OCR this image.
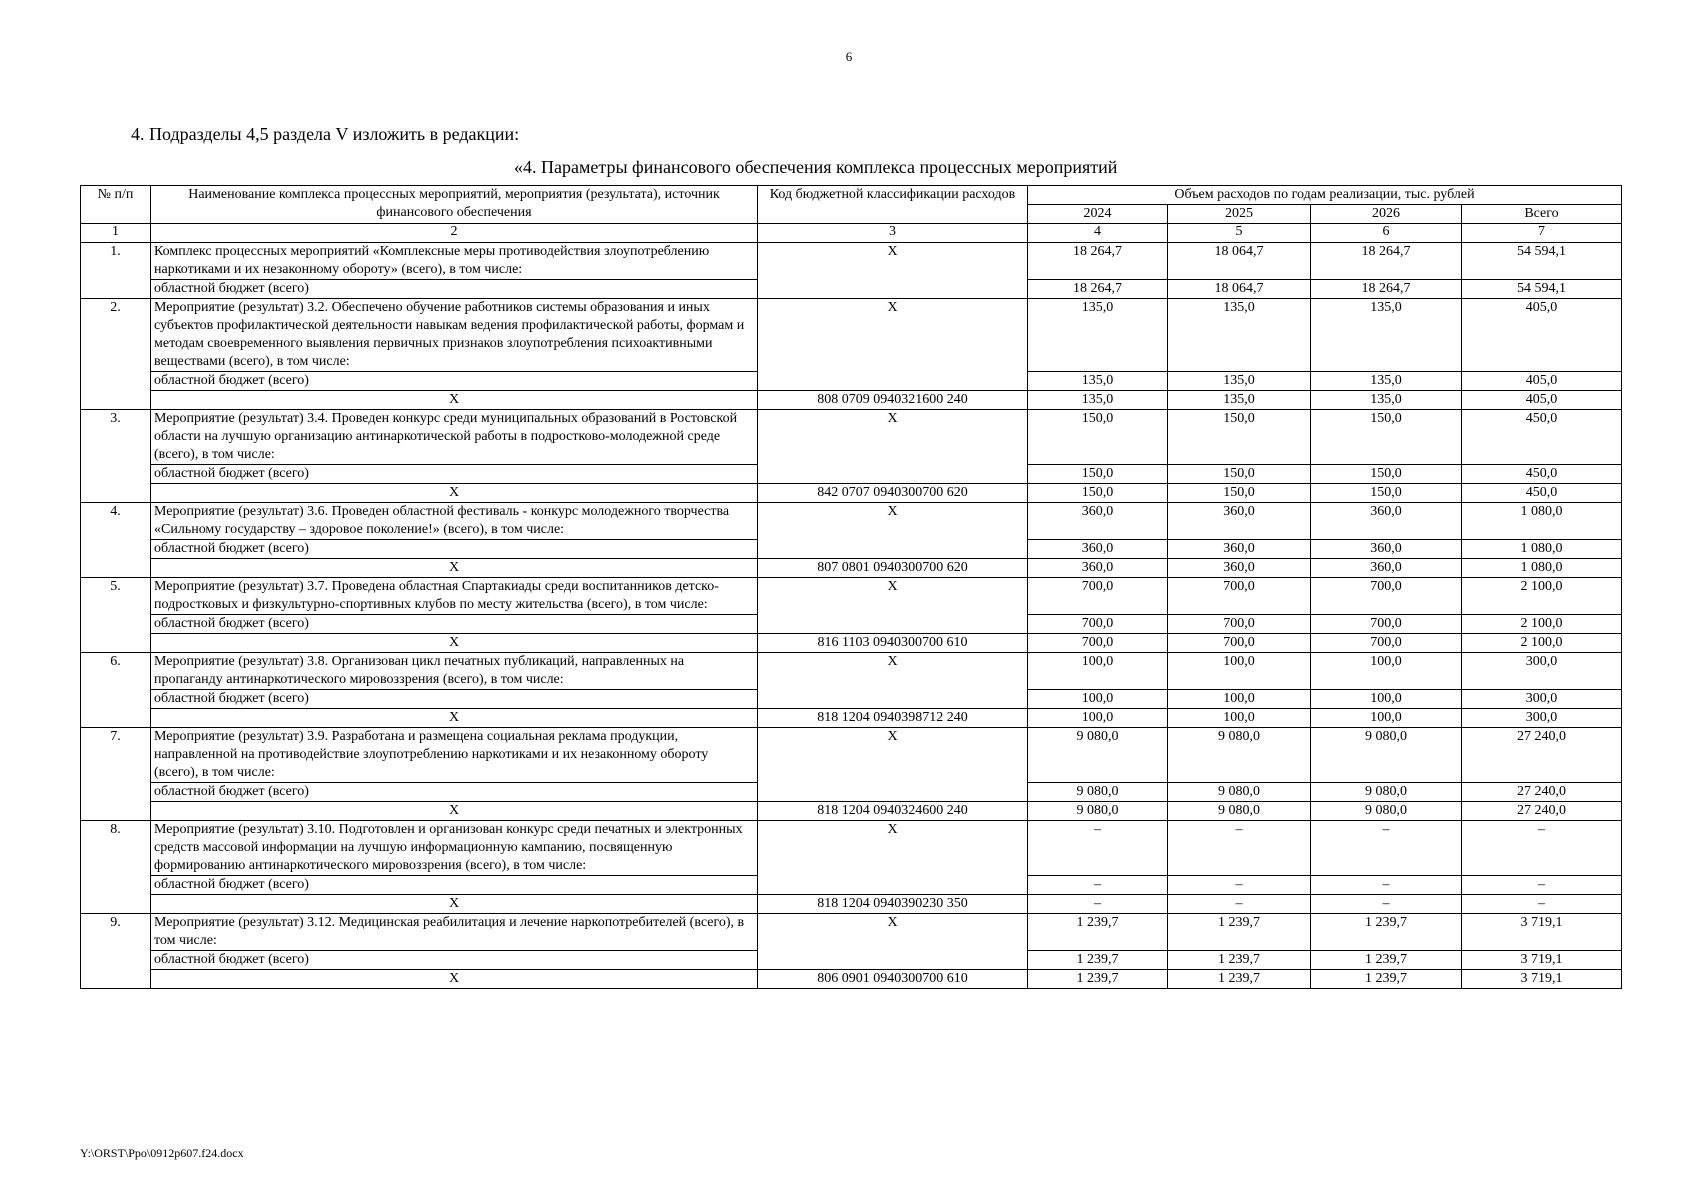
6
4. Подразделы 4,5 раздела V изложить в редакции:
«4. Параметры финансового обеспечения комплекса процессных мероприятий
№ п/п	Наименование комплекса процессных мероприятий, мероприятия (результата), источник финансового обеспечения	Код бюджетной классификации расходов	Объем расходов по годам реализации, тыс. рублей			
			2024	2025	2026	Всего
1	2	3	4	5	6	7
1.	Комплекс процессных мероприятий «Комплексные меры противодействия злоупотреблению наркотиками и их незаконному обороту» (всего), в том числе:	X	18 264,7	18 064,7	18 264,7	54 594,1
	областной бюджет (всего)		18 264,7	18 064,7	18 264,7	54 594,1
2.	Мероприятие (результат) 3.2. Обеспечено обучение работников системы образования и иных субъектов профилактической деятельности навыкам ведения профилактической работы, формам и методам своевременного выявления первичных признаков злоупотребления психоактивными веществами (всего), в том числе:	X	135,0	135,0	135,0	405,0
	областной бюджет (всего)		135,0	135,0	135,0	405,0
	X	808 0709 0940321600 240	135,0	135,0	135,0	405,0
3.	Мероприятие (результат) 3.4. Проведен конкурс среди муниципальных образований в Ростовской области на лучшую организацию антинаркотической работы в подростково-молодежной среде (всего), в том числе:	X	150,0	150,0	150,0	450,0
	областной бюджет (всего)		150,0	150,0	150,0	450,0
	X	842 0707 0940300700 620	150,0	150,0	150,0	450,0
4.	Мероприятие (результат) 3.6. Проведен областной фестиваль - конкурс молодежного творчества «Сильному государству – здоровое поколение!» (всего), в том числе:	X	360,0	360,0	360,0	1 080,0
	областной бюджет (всего)		360,0	360,0	360,0	1 080,0
	X	807 0801 0940300700 620	360,0	360,0	360,0	1 080,0
5.	Мероприятие (результат) 3.7. Проведена областная Спартакиады среди воспитанников детско-подростковых и физкультурно-спортивных клубов по месту жительства (всего), в том числе:	X	700,0	700,0	700,0	2 100,0
	областной бюджет (всего)		700,0	700,0	700,0	2 100,0
	X	816 1103 0940300700 610	700,0	700,0	700,0	2 100,0
6.	Мероприятие (результат) 3.8. Организован цикл печатных публикаций, направленных на пропаганду антинаркотического мировоззрения (всего), в том числе:	X	100,0	100,0	100,0	300,0
	областной бюджет (всего)		100,0	100,0	100,0	300,0
	X	818 1204 0940398712 240	100,0	100,0	100,0	300,0
7.	Мероприятие (результат) 3.9. Разработана и размещена социальная реклама продукции, направленной на противодействие злоупотреблению наркотиками и их незаконному обороту (всего), в том числе:	X	9 080,0	9 080,0	9 080,0	27 240,0
	областной бюджет (всего)		9 080,0	9 080,0	9 080,0	27 240,0
	X	818 1204 0940324600 240	9 080,0	9 080,0	9 080,0	27 240,0
8.	Мероприятие (результат) 3.10. Подготовлен и организован конкурс среди печатных и электронных средств массовой информации на лучшую информационную кампанию, посвященную формированию антинаркотического мировоззрения (всего), в том числе:	X	–	–	–	–
	областной бюджет (всего)		–	–	–	–
	X	818 1204 0940390230 350	–	–	–	–
9.	Мероприятие (результат) 3.12. Медицинская реабилитация и лечение наркопотребителей (всего), в том числе:	X	1 239,7	1 239,7	1 239,7	3 719,1
	областной бюджет (всего)		1 239,7	1 239,7	1 239,7	3 719,1
	X	806 0901 0940300700 610	1 239,7	1 239,7	1 239,7	3 719,1
Y:\ORST\Ppo\0912p607.f24.docx
